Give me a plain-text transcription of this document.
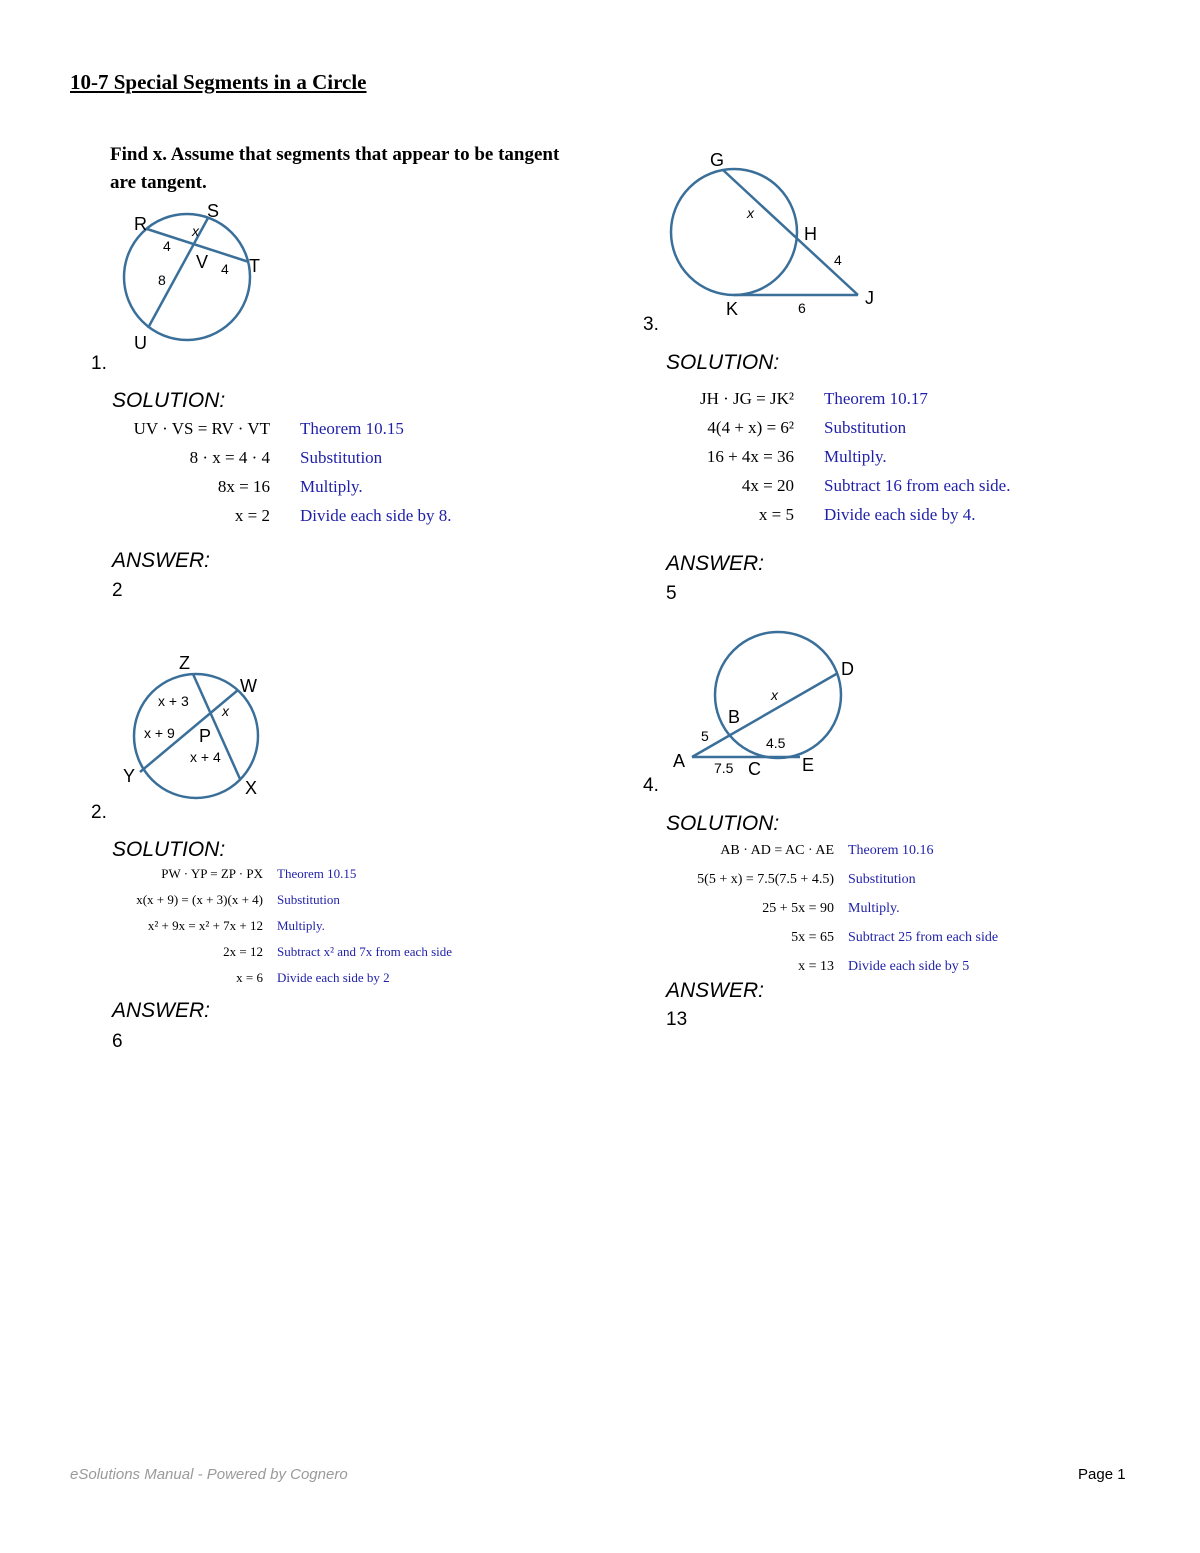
10-7 Special Segments in a Circle
Find x. Assume that segments that appear to be tangent are tangent.
R
S
T
U
V
4
x
4
8
1.
SOLUTION:
UV · VS = RV · VT		Theorem 10.15
8 · x = 4 · 4		Substitution
8x = 16		Multiply.
x = 2		Divide each side by 8.
ANSWER:
2
Z
W
Y
X
P
x + 3
x + 9
x
x + 4
2.
SOLUTION:
PW · YP = ZP · PX		Theorem 10.15
x(x + 9) = (x + 3)(x + 4)		Substitution
x² + 9x = x² + 7x + 12		Multiply.
2x = 12		Subtract x² and 7x from each side
x = 6		Divide each side by 2
ANSWER:
6
G
H
J
K
x
4
6
3.
SOLUTION:
JH · JG = JK²		Theorem 10.17
4(4 + x) = 6²		Substitution
16 + 4x = 36		Multiply.
4x = 20		Subtract 16 from each side.
x = 5		Divide each side by 4.
ANSWER:
5
D
B
A	C E
x
5	4.5
7.5
4.
SOLUTION:
AB · AD = AC · AE		Theorem 10.16
5(5 + x) = 7.5(7.5 + 4.5)		Substitution
25 + 5x = 90		Multiply.
5x = 65		Subtract 25 from each side
x = 13		Divide each side by 5
ANSWER:
13
eSolutions Manual - Powered by Cognero	Page 1
